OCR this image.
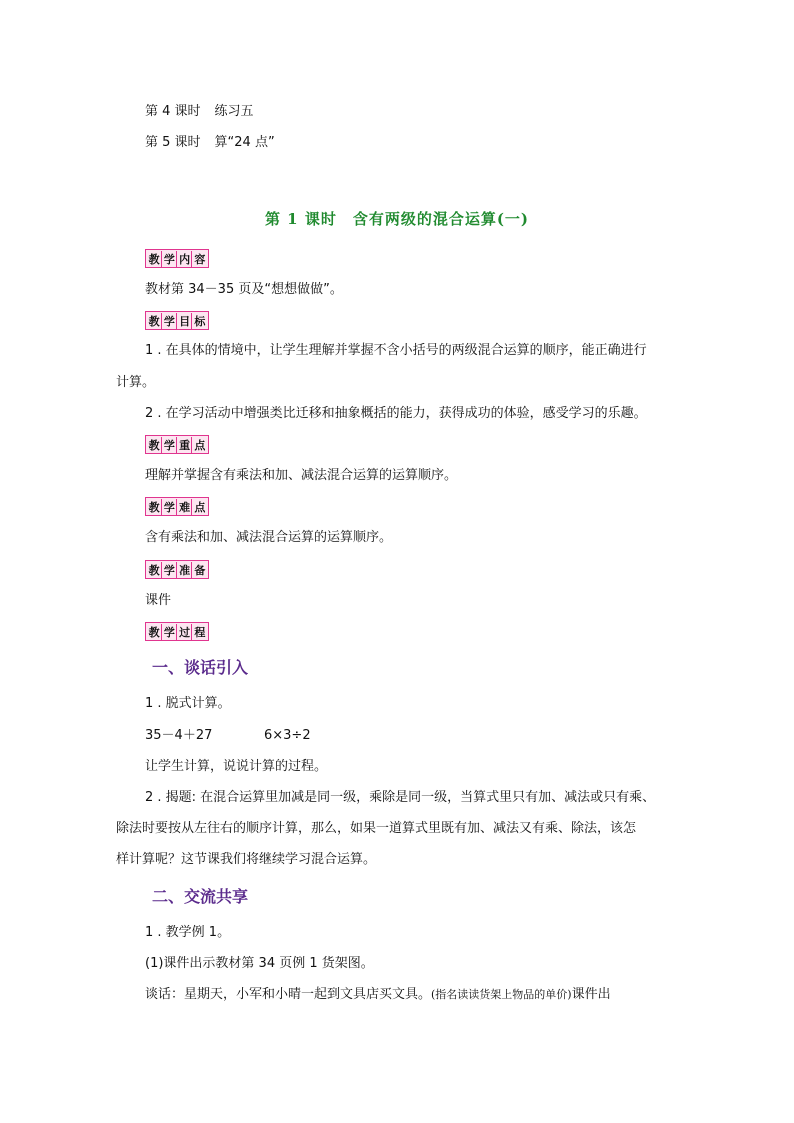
第 4 课时 练习五
第 5 课时 算“24 点”
第 1 课时　含有两级的混合运算(一)
教 学 内 容
教材第 34－35 页及“想想做做”。
教 学 目 标
1 . 在具体的情境中，让学生理解并掌握不含小括号的两级混合运算的顺序，能正确进行
计算。
2 . 在学习活动中增强类比迁移和抽象概括的能力，获得成功的体验，感受学习的乐趣。
教 学 重 点
理解并掌握含有乘法和加、减法混合运算的运算顺序。
教 学 难 点
含有乘法和加、减法混合运算的运算顺序。
教 学 准 备
课件
教 学 过 程
一、谈话引入
1 . 脱式计算。
35－4＋27	6×3÷2
让学生计算，说说计算的过程。
2 . 揭题: 在混合运算里加减是同一级，乘除是同一级，当算式里只有加、减法或只有乘、
除法时要按从左往右的顺序计算，那么，如果一道算式里既有加、减法又有乘、除法，该怎
样计算呢？这节课我们将继续学习混合运算。
二、交流共享
1 . 教学例 1。
(1)课件出示教材第 34 页例 1 货架图。
谈话：星期天，小军和小晴一起到文具店买文具。(指名读读货架上物品的单价)课件出
